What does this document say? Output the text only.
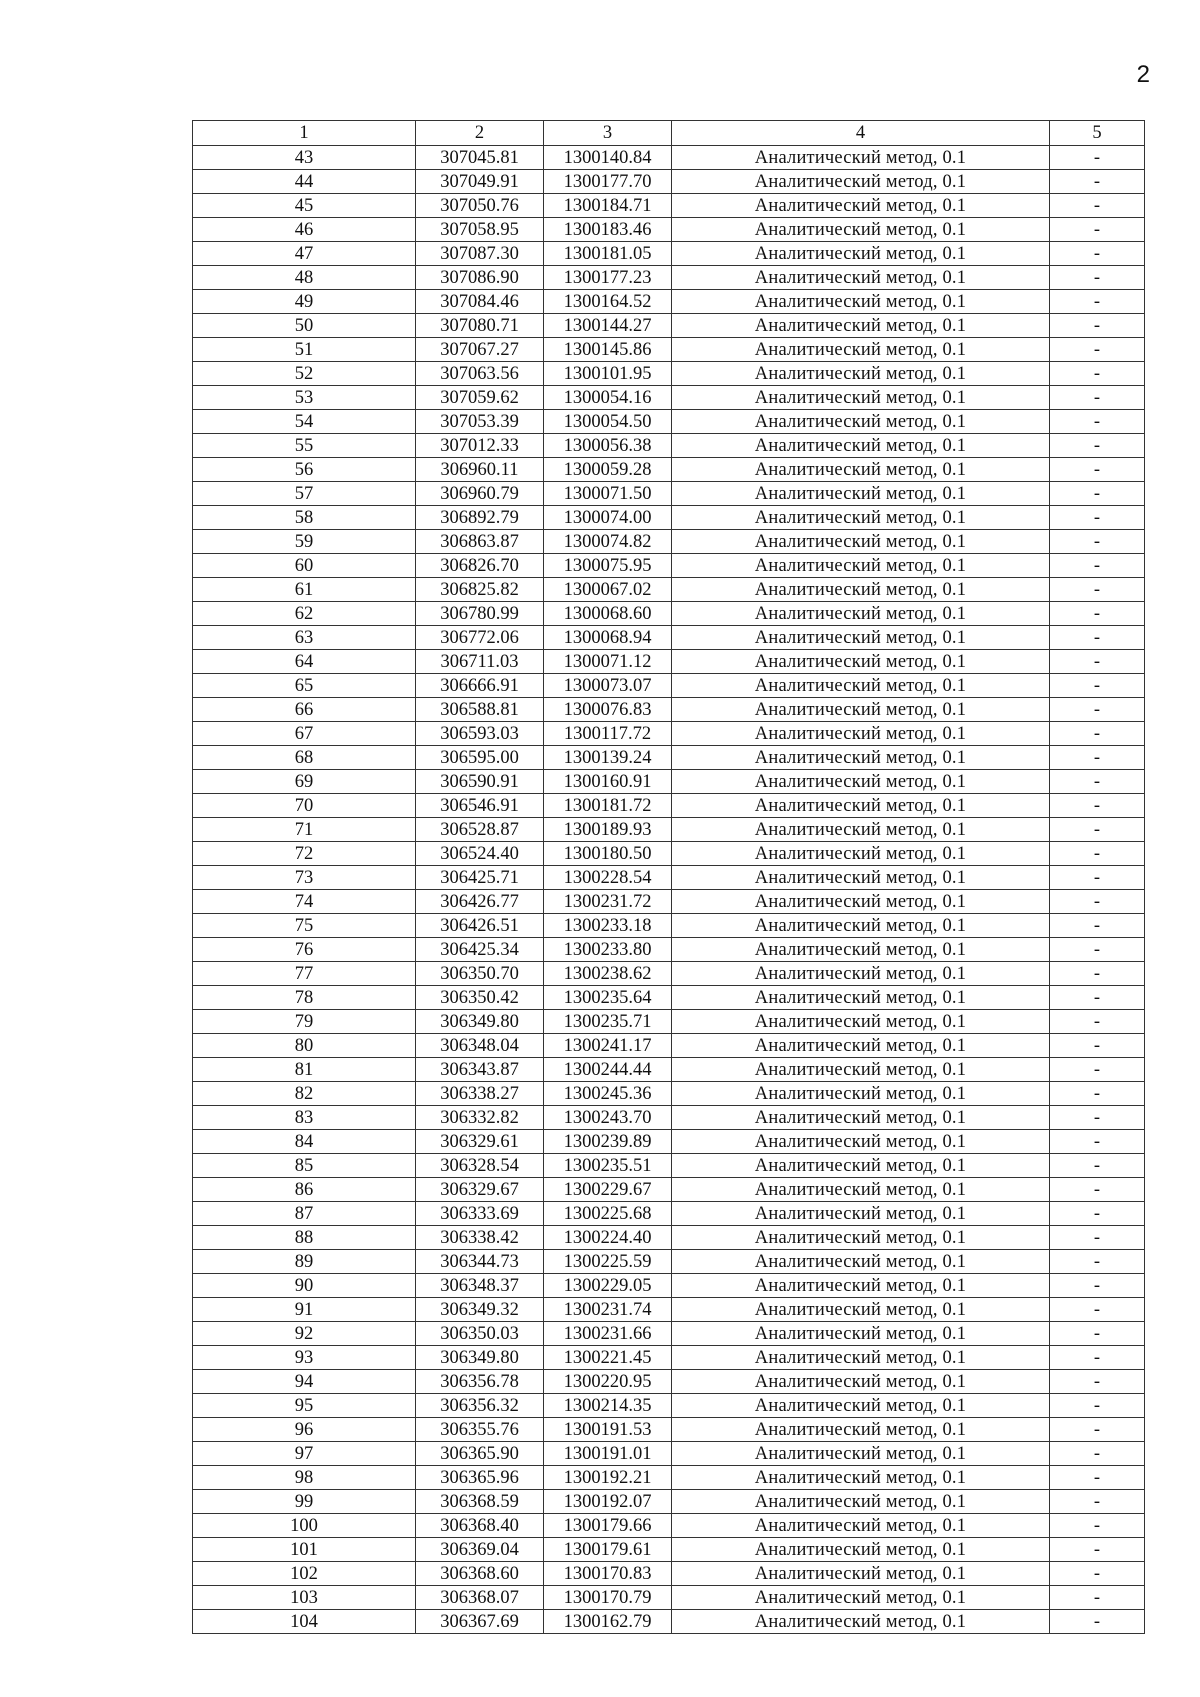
2
1	2	3	4	5
43	307045.81	1300140.84	Аналитический метод, 0.1	-
44	307049.91	1300177.70	Аналитический метод, 0.1	-
45	307050.76	1300184.71	Аналитический метод, 0.1	-
46	307058.95	1300183.46	Аналитический метод, 0.1	-
47	307087.30	1300181.05	Аналитический метод, 0.1	-
48	307086.90	1300177.23	Аналитический метод, 0.1	-
49	307084.46	1300164.52	Аналитический метод, 0.1	-
50	307080.71	1300144.27	Аналитический метод, 0.1	-
51	307067.27	1300145.86	Аналитический метод, 0.1	-
52	307063.56	1300101.95	Аналитический метод, 0.1	-
53	307059.62	1300054.16	Аналитический метод, 0.1	-
54	307053.39	1300054.50	Аналитический метод, 0.1	-
55	307012.33	1300056.38	Аналитический метод, 0.1	-
56	306960.11	1300059.28	Аналитический метод, 0.1	-
57	306960.79	1300071.50	Аналитический метод, 0.1	-
58	306892.79	1300074.00	Аналитический метод, 0.1	-
59	306863.87	1300074.82	Аналитический метод, 0.1	-
60	306826.70	1300075.95	Аналитический метод, 0.1	-
61	306825.82	1300067.02	Аналитический метод, 0.1	-
62	306780.99	1300068.60	Аналитический метод, 0.1	-
63	306772.06	1300068.94	Аналитический метод, 0.1	-
64	306711.03	1300071.12	Аналитический метод, 0.1	-
65	306666.91	1300073.07	Аналитический метод, 0.1	-
66	306588.81	1300076.83	Аналитический метод, 0.1	-
67	306593.03	1300117.72	Аналитический метод, 0.1	-
68	306595.00	1300139.24	Аналитический метод, 0.1	-
69	306590.91	1300160.91	Аналитический метод, 0.1	-
70	306546.91	1300181.72	Аналитический метод, 0.1	-
71	306528.87	1300189.93	Аналитический метод, 0.1	-
72	306524.40	1300180.50	Аналитический метод, 0.1	-
73	306425.71	1300228.54	Аналитический метод, 0.1	-
74	306426.77	1300231.72	Аналитический метод, 0.1	-
75	306426.51	1300233.18	Аналитический метод, 0.1	-
76	306425.34	1300233.80	Аналитический метод, 0.1	-
77	306350.70	1300238.62	Аналитический метод, 0.1	-
78	306350.42	1300235.64	Аналитический метод, 0.1	-
79	306349.80	1300235.71	Аналитический метод, 0.1	-
80	306348.04	1300241.17	Аналитический метод, 0.1	-
81	306343.87	1300244.44	Аналитический метод, 0.1	-
82	306338.27	1300245.36	Аналитический метод, 0.1	-
83	306332.82	1300243.70	Аналитический метод, 0.1	-
84	306329.61	1300239.89	Аналитический метод, 0.1	-
85	306328.54	1300235.51	Аналитический метод, 0.1	-
86	306329.67	1300229.67	Аналитический метод, 0.1	-
87	306333.69	1300225.68	Аналитический метод, 0.1	-
88	306338.42	1300224.40	Аналитический метод, 0.1	-
89	306344.73	1300225.59	Аналитический метод, 0.1	-
90	306348.37	1300229.05	Аналитический метод, 0.1	-
91	306349.32	1300231.74	Аналитический метод, 0.1	-
92	306350.03	1300231.66	Аналитический метод, 0.1	-
93	306349.80	1300221.45	Аналитический метод, 0.1	-
94	306356.78	1300220.95	Аналитический метод, 0.1	-
95	306356.32	1300214.35	Аналитический метод, 0.1	-
96	306355.76	1300191.53	Аналитический метод, 0.1	-
97	306365.90	1300191.01	Аналитический метод, 0.1	-
98	306365.96	1300192.21	Аналитический метод, 0.1	-
99	306368.59	1300192.07	Аналитический метод, 0.1	-
100	306368.40	1300179.66	Аналитический метод, 0.1	-
101	306369.04	1300179.61	Аналитический метод, 0.1	-
102	306368.60	1300170.83	Аналитический метод, 0.1	-
103	306368.07	1300170.79	Аналитический метод, 0.1	-
104	306367.69	1300162.79	Аналитический метод, 0.1	-
